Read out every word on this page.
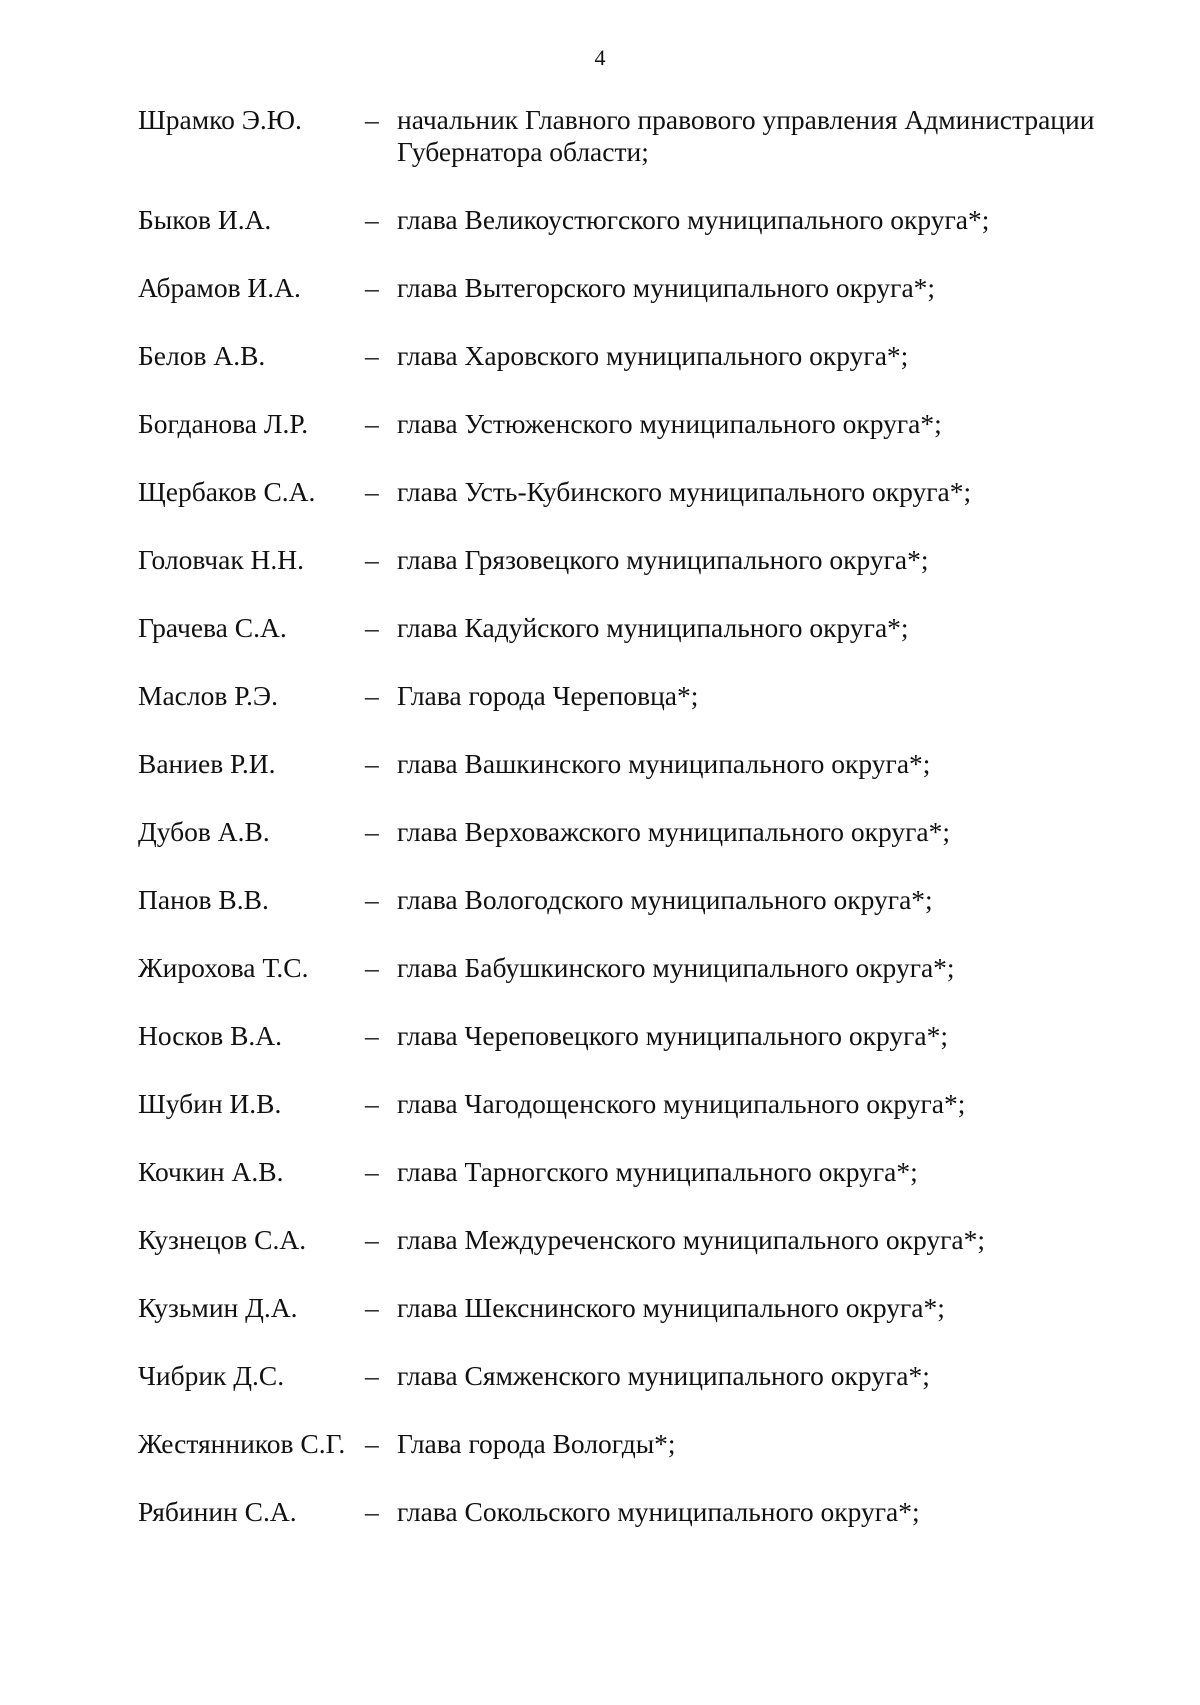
4
Шрамко Э.Ю.	– начальник Главного правового управления Администрации Губернатора области;
Быков И.А.	– глава Великоустюгского муниципального округа*;
Абрамов И.А.	– глава Вытегорского муниципального округа*;
Белов А.В.	– глава Харовского муниципального округа*;
Богданова Л.Р.	– глава Устюженского муниципального округа*;
Щербаков С.А.	– глава Усть-Кубинского муниципального округа*;
Головчак Н.Н.	– глава Грязовецкого муниципального округа*;
Грачева С.А.	– глава Кадуйского муниципального округа*;
Маслов Р.Э.	– Глава города Череповца*;
Ваниев Р.И.	– глава Вашкинского муниципального округа*;
Дубов А.В.	– глава Верховажского муниципального округа*;
Панов В.В.	– глава Вологодского муниципального округа*;
Жирохова Т.С.	– глава Бабушкинского муниципального округа*;
Носков В.А.	– глава Череповецкого муниципального округа*;
Шубин И.В.	– глава Чагодощенского муниципального округа*;
Кочкин А.В.	– глава Тарногского муниципального округа*;
Кузнецов С.А.	– глава Междуреченского муниципального округа*;
Кузьмин Д.А.	– глава Шекснинского муниципального округа*;
Чибрик Д.С.	– глава Сямженского муниципального округа*;
Жестянников С.Г. – Глава города Вологды*;
Рябинин С.А.	– глава Сокольского муниципального округа*;
